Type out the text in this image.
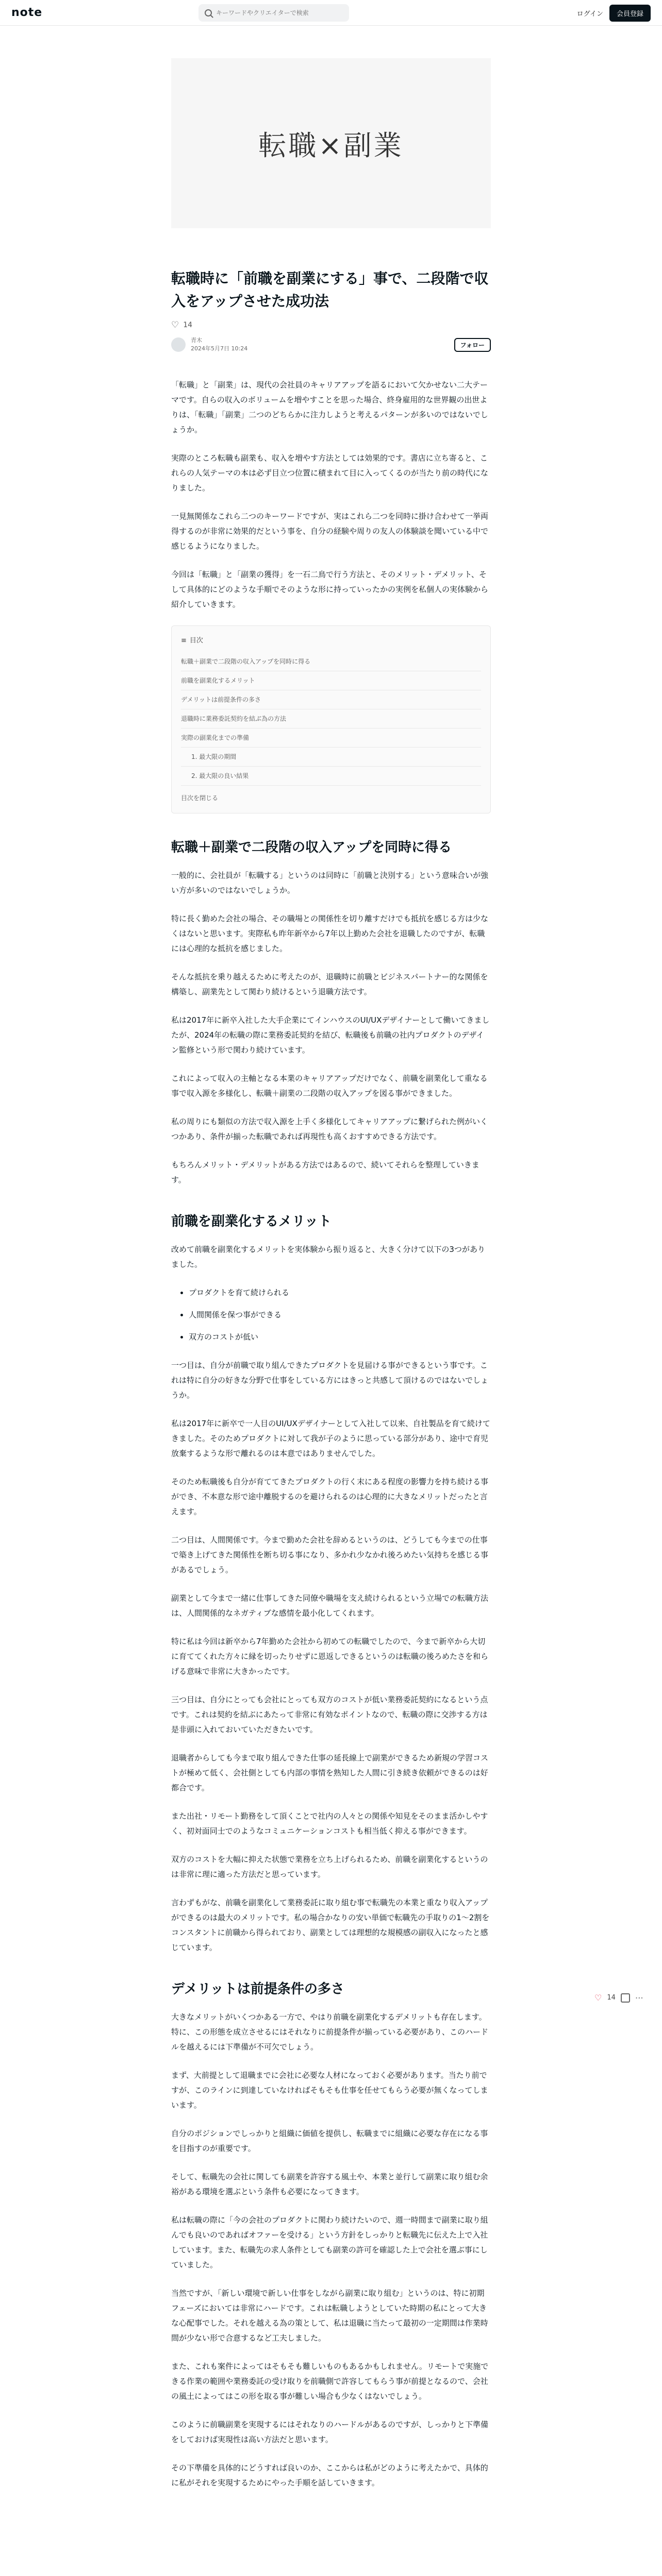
note
キーワードやクリエイターで検索	ログイン	会員登録
転職×副業
転職時に「前職を副業にする」事で、二段階で収入をアップさせた成功法
♡ 14
青木
2024年5月7日 10:24	フォロー

「転職」と「副業」は、現代の会社員のキャリアアップを語るにおいて欠かせない二大テーマです。自らの収入のボリュームを増やすことを思った場合、終身雇用的な世界観の出世よりは、「転職」「副業」二つのどちらかに注力しようと考えるパターンが多いのではないでしょうか。

実際のところ転職も副業も、収入を増やす方法としては効果的です。書店に立ち寄ると、これらの人気テーマの本は必ず目立つ位置に積まれて目に入ってくるのが当たり前の時代になりました。

一見無関係なこれら二つのキーワードですが、実はこれら二つを同時に掛け合わせて一挙両得するのが非常に効果的だという事を、自分の経験や周りの友人の体験談を聞いている中で感じるようになりました。

今回は「転職」と「副業の獲得」を一石二鳥で行う方法と、そのメリット・デメリット、そして具体的にどのような手順でそのような形に持っていったかの実例を私個人の実体験から紹介していきます。

≡ 目次
転職＋副業で二段階の収入アップを同時に得る
前職を副業化するメリット
デメリットは前提条件の多さ
退職時に業務委託契約を結ぶ為の方法
実際の副業化までの準備
1. 最大限の期間
2. 最大限の良い結果
目次を閉じる
転職＋副業で二段階の収入アップを同時に得る

一般的に、会社員が「転職する」というのは同時に「前職と決別する」という意味合いが強い方が多いのではないでしょうか。

特に長く勤めた会社の場合、その職場との関係性を切り離すだけでも抵抗を感じる方は少なくはないと思います。実際私も昨年新卒から7年以上勤めた会社を退職したのですが、転職には心理的な抵抗を感じました。

そんな抵抗を乗り越えるために考えたのが、退職時に前職とビジネスパートナー的な関係を構築し、副業先として関わり続けるという退職方法です。

私は2017年に新卒入社した大手企業にてインハウスのUI/UXデザイナーとして働いてきましたが、2024年の転職の際に業務委託契約を結び、転職後も前職の社内プロダクトのデザイン監修という形で関わり続けています。

これによって収入の主軸となる本業のキャリアアップだけでなく、前職を副業化して重なる事で収入源を多様化し、転職＋副業の二段階の収入アップを図る事ができました。

私の周りにも類似の方法で収入源を上手く多様化してキャリアアップに繋げられた例がいくつかあり、条件が揃った転職であれば再現性も高くおすすめできる方法です。

もちろんメリット・デメリットがある方法ではあるので、続いてそれらを整理していきます。

前職を副業化するメリット

改めて前職を副業化するメリットを実体験から振り返ると、大きく分けて以下の3つがありました。

• プロダクトを育て続けられる
• 人間関係を保つ事ができる
• 双方のコストが低い

一つ目は、自分が前職で取り組んできたプロダクトを見届ける事ができるという事です。これは特に自分の好きな分野で仕事をしている方にはきっと共感して頂けるのではないでしょうか。

私は2017年に新卒で一人目のUI/UXデザイナーとして入社して以来、自社製品を育て続けてきました。そのためプロダクトに対して我が子のように思っている部分があり、途中で育児放棄するような形で離れるのは本意ではありませんでした。

そのため転職後も自分が育ててきたプロダクトの行く末にある程度の影響力を持ち続ける事ができ、不本意な形で途中離脱するのを避けられるのは心理的に大きなメリットだったと言えます。

二つ目は、人間関係です。今まで勤めた会社を辞めるというのは、どうしても今までの仕事で築き上げてきた関係性を断ち切る事になり、多かれ少なかれ後ろめたい気持ちを感じる事があるでしょう。

副業として今まで一緒に仕事してきた同僚や職場を支え続けられるという立場での転職方法は、人間関係的なネガティブな感情を最小化してくれます。

特に私は今回は新卒から7年勤めた会社から初めての転職でしたので、今まで新卒から大切に育ててくれた方々に縁を切ったりせずに恩返しできるというのは転職の後ろめたさを和らげる意味で非常に大きかったです。

三つ目は、自分にとっても会社にとっても双方のコストが低い業務委託契約になるという点です。これは契約を結ぶにあたって非常に有効なポイントなので、転職の際に交渉する方は是非頭に入れておいていただきたいです。

退職者からしても今まで取り組んできた仕事の延長線上で副業ができるため新規の学習コストが極めて低く、会社側としても内部の事情を熟知した人間に引き続き依頼ができるのは好都合です。

また出社・リモート勤務をして頂くことで社内の人々との関係や知見をそのまま活かしやすく、初対面同士でのようなコミュニケーションコストも相当低く抑える事ができます。

双方のコストを大幅に抑えた状態で業務を立ち上げられるため、前職を副業化するというのは非常に理に適った方法だと思っています。

言わずもがな、前職を副業化して業務委託に取り組む事で転職先の本業と重なり収入アップができるのは最大のメリットです。私の場合かなりの安い単価で転職先の手取りの1〜2割をコンスタントに前職から得られており、副業としては理想的な規模感の副収入になったと感じています。

デメリットは前提条件の多さ

大きなメリットがいくつかある一方で、やはり前職を副業化するデメリットも存在します。特に、この形態を成立させるにはそれなりに前提条件が揃っている必要があり、このハードルを越えるには下準備が不可欠でしょう。

まず、大前提として退職までに会社に必要な人材になっておく必要があります。当たり前ですが、このラインに到達していなければそもそも仕事を任せてもらう必要が無くなってしまいます。

自分のポジションでしっかりと組織に価値を提供し、転職までに組織に必要な存在になる事を目指すのが重要です。

そして、転職先の会社に関しても副業を許容する風土や、本業と並行して副業に取り組む余裕がある環境を選ぶという条件も必要になってきます。

私は転職の際に「今の会社のプロダクトに関わり続けたいので、週一時間まで副業に取り組んでも良いのであればオファーを受ける」という方針をしっかりと転職先に伝えた上で入社しています。また、転職先の求人条件としても副業の許可を確認した上で会社を選ぶ事にしていました。

当然ですが、「新しい環境で新しい仕事をしながら副業に取り組む」というのは、特に初期フェーズにおいては非常にハードです。これは転職しようとしていた時期の私にとって大きな心配事でした。それを越える為の策として、私は退職に当たって最初の一定期間は作業時間が少ない形で合意するなど工夫しました。

また、これも案件によってはそもそも難しいものもあるかもしれません。リモートで実施できる作業の範囲や業務委託の受け取りを前職側で許容してもらう事が前提となるので、会社の風土によってはこの形を取る事が難しい場合も少なくはないでしょう。

このように前職副業を実現するにはそれなりのハードルがあるのですが、しっかりと下準備をしておけば実現性は高い方法だと思います。

その下準備を具体的にどうすれば良いのか、ここからは私がどのように考えたかで、具体的に私がそれを実現するためにやった手順を話していきます。

♡ 14 ⋯
